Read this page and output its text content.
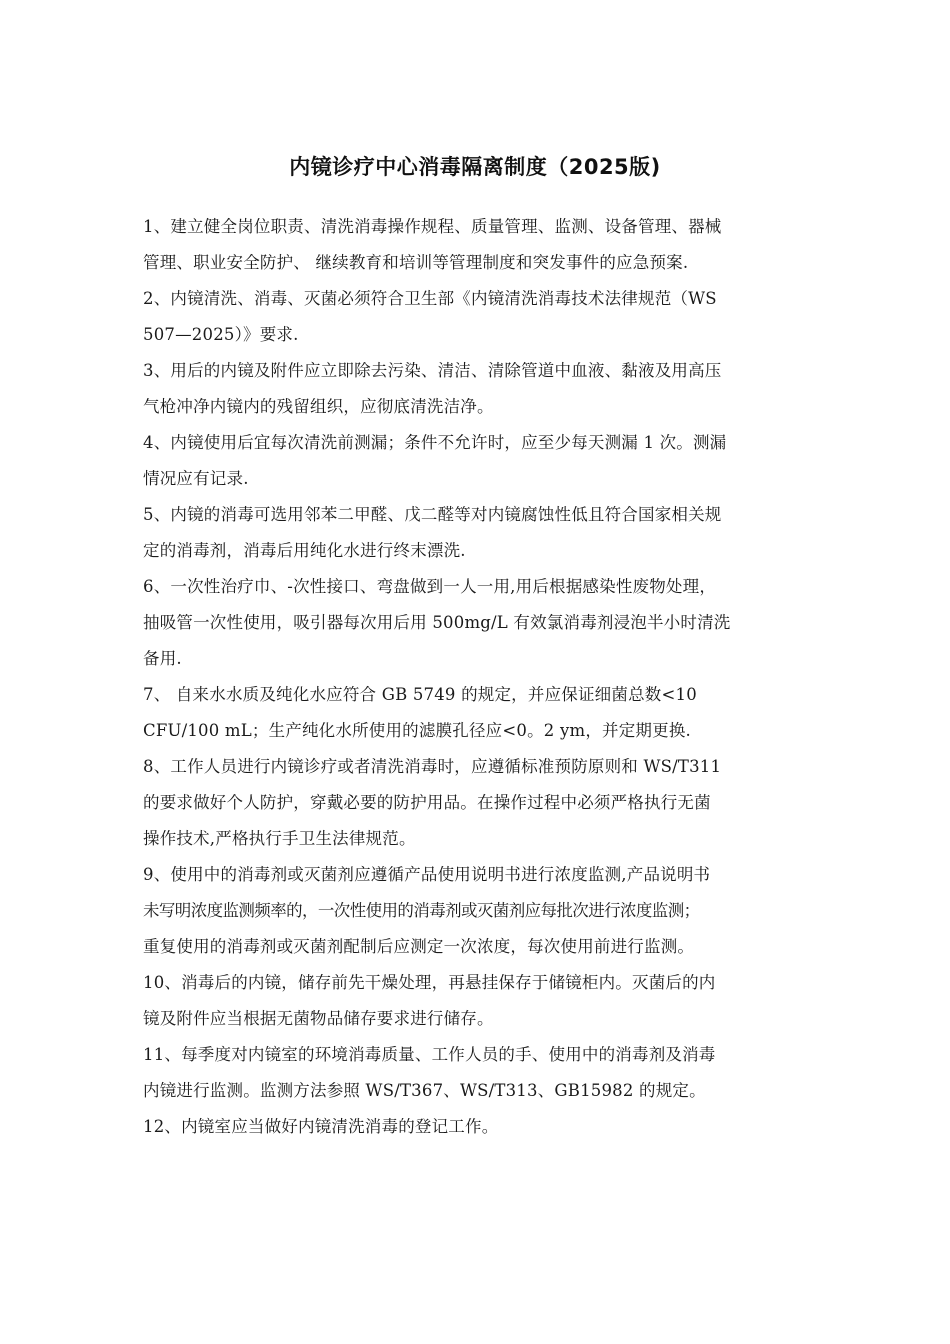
内镜诊疗中心消毒隔离制度（2025版)
1、建立健全岗位职责、清洗消毒操作规程、质量管理、监测、设备管理、器械
管理、职业安全防护、 继续教育和培训等管理制度和突发事件的应急预案.
2、内镜清洗、消毒、灭菌必须符合卫生部《内镜清洗消毒技术法律规范（WS
507—2025）》要求.
3、用后的内镜及附件应立即除去污染、清洁、清除管道中血液、黏液及用高压
气枪冲净内镜内的残留组织，应彻底清洗洁净。
4、内镜使用后宜每次清洗前测漏；条件不允许时，应至少每天测漏 1 次。测漏
情况应有记录.
5、内镜的消毒可选用邻苯二甲醛、戊二醛等对内镜腐蚀性低且符合国家相关规
定的消毒剂，消毒后用纯化水进行终末漂洗.
6、一次性治疗巾、-次性接口、弯盘做到一人一用,用后根据感染性废物处理，
抽吸管一次性使用，吸引器每次用后用 500mg/L 有效氯消毒剂浸泡半小时清洗
备用.
7、 自来水水质及纯化水应符合 GB 5749 的规定，并应保证细菌总数<10
CFU/100 mL；生产纯化水所使用的滤膜孔径应<0。2 ym，并定期更换.
8、工作人员进行内镜诊疗或者清洗消毒时，应遵循标准预防原则和 WS/T311
的要求做好个人防护，穿戴必要的防护用品。在操作过程中必须严格执行无菌
操作技术,严格执行手卫生法律规范。
9、使用中的消毒剂或灭菌剂应遵循产品使用说明书进行浓度监测,产品说明书
未写明浓度监测频率的，一次性使用的消毒剂或灭菌剂应每批次进行浓度监测；
重复使用的消毒剂或灭菌剂配制后应测定一次浓度，每次使用前进行监测。
10、消毒后的内镜，储存前先干燥处理，再悬挂保存于储镜柜内。灭菌后的内
镜及附件应当根据无菌物品储存要求进行储存。
11、每季度对内镜室的环境消毒质量、工作人员的手、使用中的消毒剂及消毒
内镜进行监测。监测方法参照 WS/T367、WS/T313、GB15982 的规定。
12、内镜室应当做好内镜清洗消毒的登记工作。
